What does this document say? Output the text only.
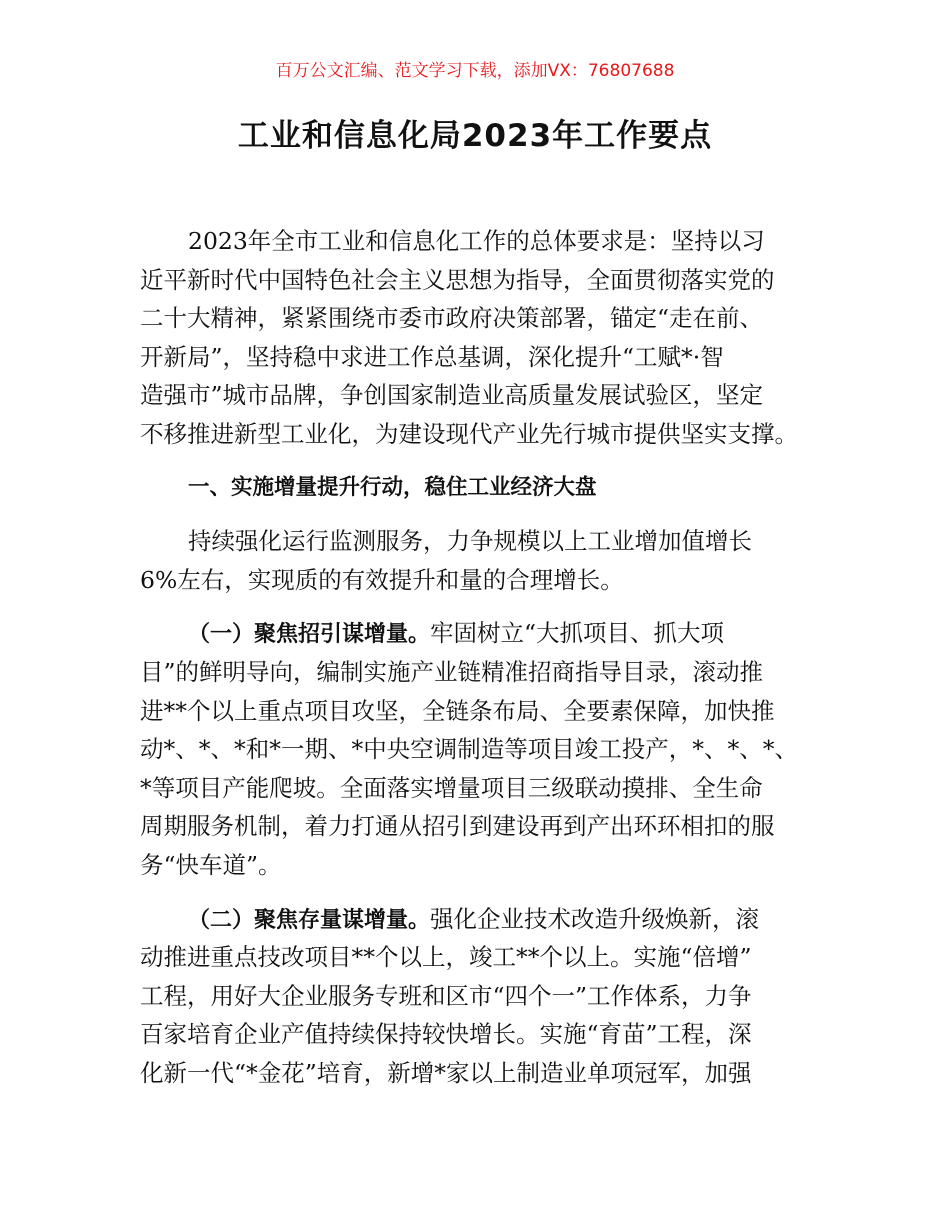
百万公文汇编、范文学习下载，添加VX：76807688
工业和信息化局2023年工作要点
2023年全市工业和信息化工作的总体要求是：坚持以习
近平新时代中国特色社会主义思想为指导，全面贯彻落实党的
二十大精神，紧紧围绕市委市政府决策部署，锚定“走在前、
开新局”，坚持稳中求进工作总基调，深化提升“工赋*·智
造强市”城市品牌，争创国家制造业高质量发展试验区，坚定
不移推进新型工业化，为建设现代产业先行城市提供坚实支撑。
一、实施增量提升行动，稳住工业经济大盘
持续强化运行监测服务，力争规模以上工业增加值增长
6%左右，实现质的有效提升和量的合理增长。
（一）聚焦招引谋增量。牢固树立“大抓项目、抓大项
目”的鲜明导向，编制实施产业链精准招商指导目录，滚动推
进**个以上重点项目攻坚，全链条布局、全要素保障，加快推
动*、*、*和*一期、*中央空调制造等项目竣工投产，*、*、*、
*等项目产能爬坡。全面落实增量项目三级联动摸排、全生命
周期服务机制，着力打通从招引到建设再到产出环环相扣的服
务“快车道”。
（二）聚焦存量谋增量。强化企业技术改造升级焕新，滚
动推进重点技改项目**个以上，竣工**个以上。实施“倍增”
工程，用好大企业服务专班和区市“四个一”工作体系，力争
百家培育企业产值持续保持较快增长。实施“育苗”工程，深
化新一代“*金花”培育，新增*家以上制造业单项冠军，加强
